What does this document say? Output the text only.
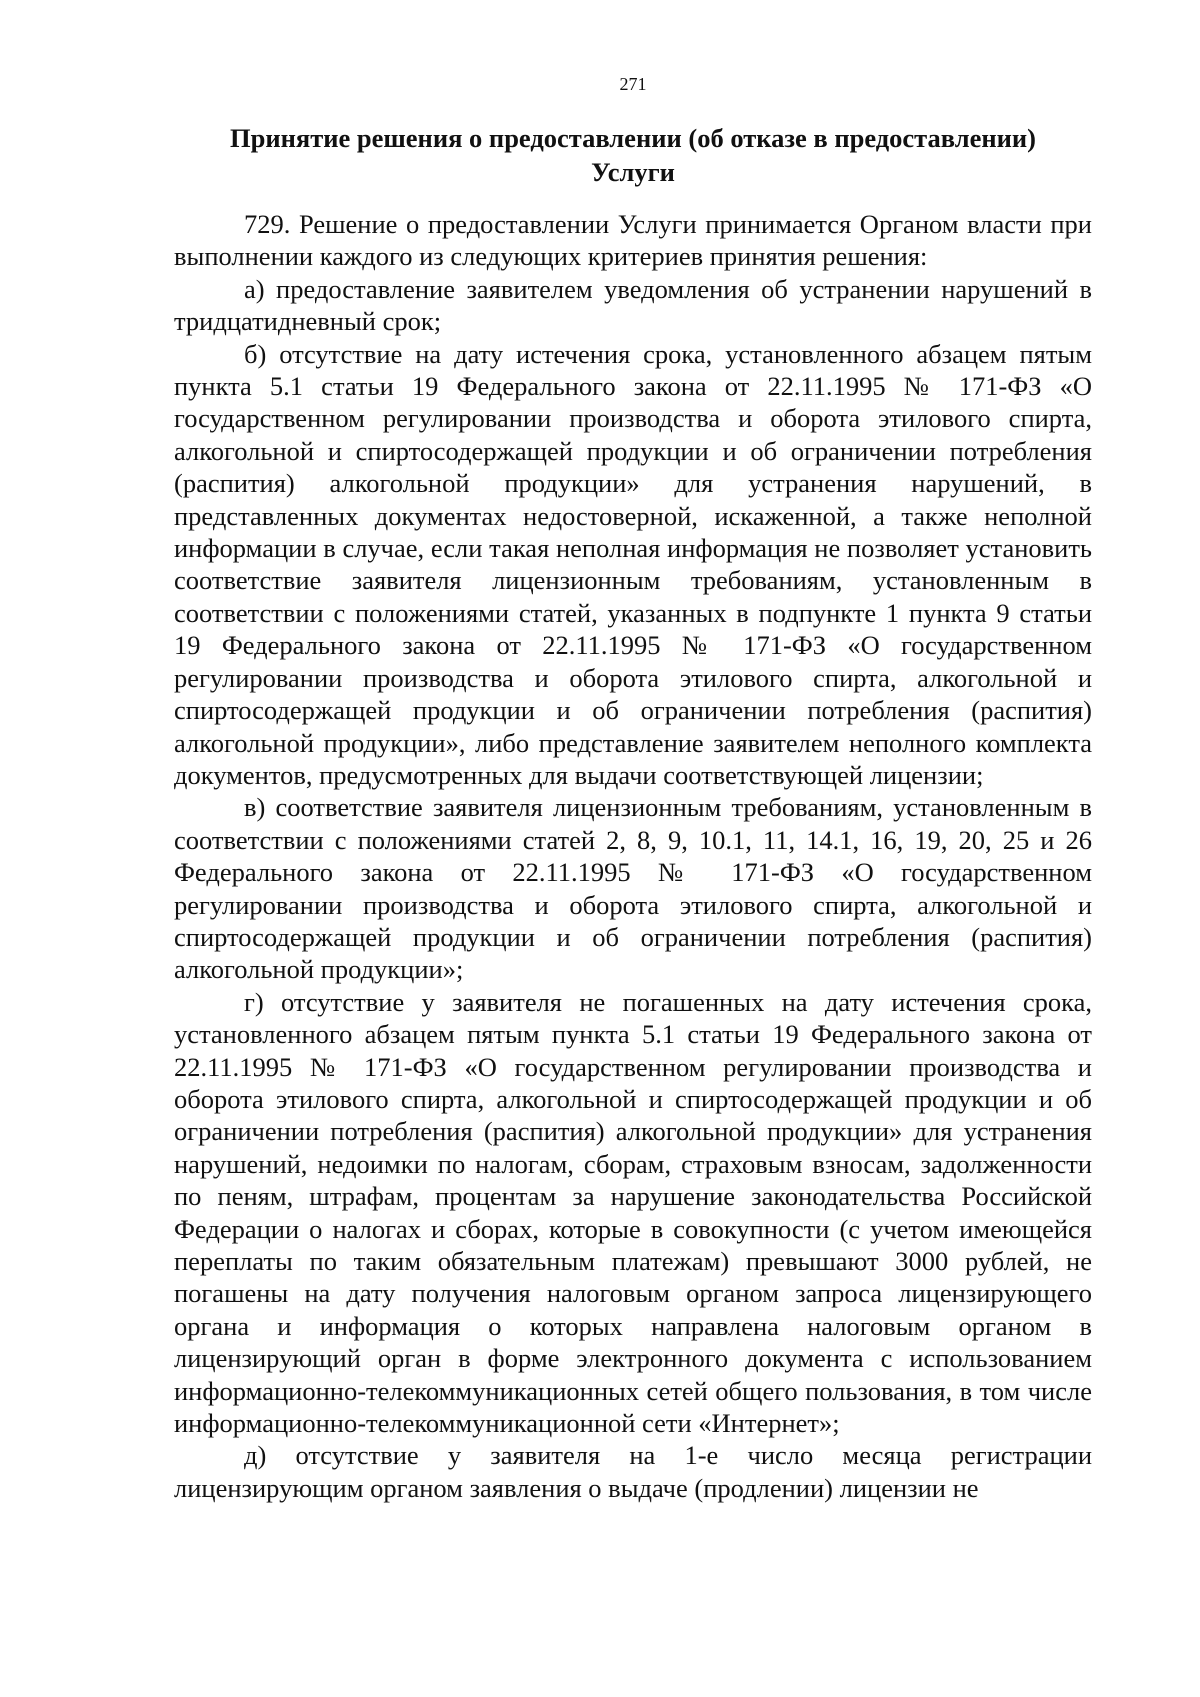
271
Принятие решения о предоставлении (об отказе в предоставлении)
Услуги

729. Решение о предоставлении Услуги принимается Органом власти при выполнении каждого из следующих критериев принятия решения:

а) предоставление заявителем уведомления об устранении нарушений в тридцатидневный срок;

б) отсутствие на дату истечения срока, установленного абзацем пятым пункта 5.1 статьи 19 Федерального закона от 22.11.1995 № 171-ФЗ «О государственном регулировании производства и оборота этилового спирта, алкогольной и спиртосодержащей продукции и об ограничении потребления (распития) алкогольной продукции» для устранения нарушений, в представленных документах недостоверной, искаженной, а также неполной информации в случае, если такая неполная информация не позволяет установить соответствие заявителя лицензионным требованиям, установленным в соответствии с положениями статей, указанных в подпункте 1 пункта 9 статьи 19 Федерального закона от 22.11.1995 № 171-ФЗ «О государственном регулировании производства и оборота этилового спирта, алкогольной и спиртосодержащей продукции и об ограничении потребления (распития) алкогольной продукции», либо представление заявителем неполного комплекта документов, предусмотренных для выдачи соответствующей лицензии;

в) соответствие заявителя лицензионным требованиям, установленным в соответствии с положениями статей 2, 8, 9, 10.1, 11, 14.1, 16, 19, 20, 25 и 26 Федерального закона от 22.11.1995 № 171-ФЗ «О государственном регулировании производства и оборота этилового спирта, алкогольной и спиртосодержащей продукции и об ограничении потребления (распития) алкогольной продукции»;

г) отсутствие у заявителя не погашенных на дату истечения срока, установленного абзацем пятым пункта 5.1 статьи 19 Федерального закона от 22.11.1995 № 171-ФЗ «О государственном регулировании производства и оборота этилового спирта, алкогольной и спиртосодержащей продукции и об ограничении потребления (распития) алкогольной продукции» для устранения нарушений, недоимки по налогам, сборам, страховым взносам, задолженности по пеням, штрафам, процентам за нарушение законодательства Российской Федерации о налогах и сборах, которые в совокупности (с учетом имеющейся переплаты по таким обязательным платежам) превышают 3000 рублей, не погашены на дату получения налоговым органом запроса лицензирующего органа и информация о которых направлена налоговым органом в лицензирующий орган в форме электронного документа с использованием информационно-телекоммуникационных сетей общего пользования, в том числе информационно-телекоммуникационной сети «Интернет»;

д) отсутствие у заявителя на 1-е число месяца регистрации лицензирующим органом заявления о выдаче (продлении) лицензии не
